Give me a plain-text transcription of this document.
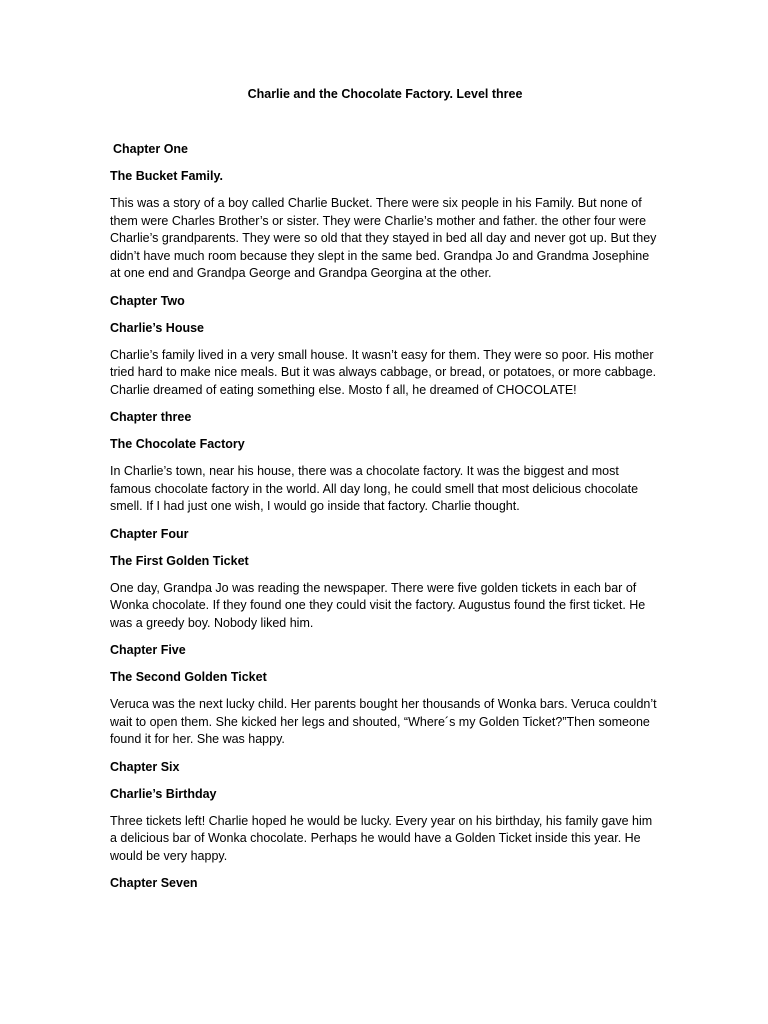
Charlie and the Chocolate Factory. Level three
Chapter One
The Bucket Family.
This was a story of a boy called Charlie Bucket. There were six people in his Family. But none of them were Charles Brother’s or sister. They were Charlie’s mother and father. the other four were Charlie’s grandparents. They were so old that they stayed in bed all day and never got up. But they didn’t have much room because they slept in the same bed. Grandpa Jo and Grandma Josephine at one end and Grandpa George and Grandpa Georgina at the other.
Chapter Two
Charlie’s House
Charlie’s family lived in a very small house. It wasn’t easy for them. They were so poor. His mother tried hard to make nice meals. But it was always cabbage, or bread, or potatoes, or more cabbage. Charlie dreamed of eating something else. Mosto f all, he dreamed of CHOCOLATE!
Chapter three
The Chocolate Factory
In Charlie’s town, near his house, there was a chocolate factory. It was the biggest and most famous chocolate factory in the world. All day long, he could smell that most delicious chocolate smell. If I had just one wish, I would go inside that factory. Charlie thought.
Chapter Four
The First Golden Ticket
One day, Grandpa Jo was reading the newspaper. There were five golden tickets in each bar of Wonka chocolate. If they found one they could visit the factory. Augustus found the first ticket. He was a greedy boy. Nobody liked him.
Chapter Five
The Second Golden Ticket
Veruca was the next lucky child. Her parents bought her thousands of Wonka bars. Veruca couldn’t wait to open them. She kicked her legs and shouted, “Where´s my Golden Ticket?”Then someone found it for her. She was happy.
Chapter Six
Charlie’s Birthday
Three tickets left! Charlie hoped he would be lucky. Every year on his birthday, his family gave him a delicious bar of Wonka chocolate. Perhaps he would have a Golden Ticket inside this year. He would be very happy.
Chapter Seven
